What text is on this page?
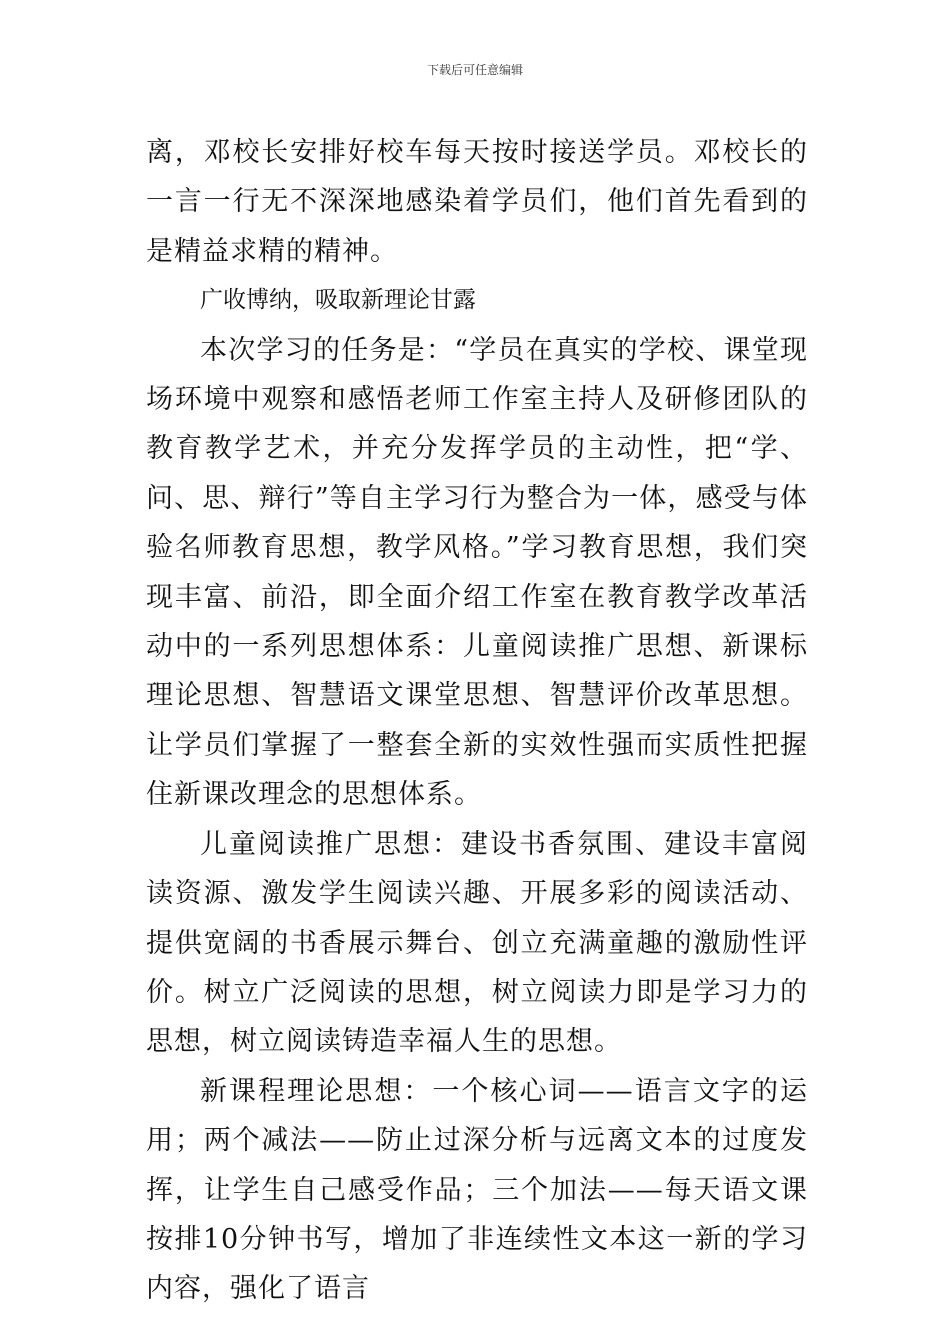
下载后可任意编辑

离，邓校长安排好校车每天按时接送学员。邓校长的一言一行无不深深地感染着学员们，他们首先看到的是精益求精的精神。

广收博纳，吸取新理论甘露

本次学习的任务是：“学员在真实的学校、课堂现场环境中观察和感悟老师工作室主持人及研修团队的教育教学艺术，并充分发挥学员的主动性，把“学、问、思、辩行”等自主学习行为整合为一体，感受与体验名师教育思想，教学风格。”学习教育思想，我们突现丰富、前沿，即全面介绍工作室在教育教学改革活动中的一系列思想体系：儿童阅读推广思想、新课标理论思想、智慧语文课堂思想、智慧评价改革思想。让学员们掌握了一整套全新的实效性强而实质性把握住新课改理念的思想体系。

儿童阅读推广思想：建设书香氛围、建设丰富阅读资源、激发学生阅读兴趣、开展多彩的阅读活动、提供宽阔的书香展示舞台、创立充满童趣的激励性评价。树立广泛阅读的思想，树立阅读力即是学习力的思想，树立阅读铸造幸福人生的思想。

新课程理论思想：一个核心词——语言文字的运用；两个减法——防止过深分析与远离文本的过度发挥，让学生自己感受作品；三个加法——每天语文课按排10分钟书写，增加了非连续性文本这一新的学习内容，强化了语言
